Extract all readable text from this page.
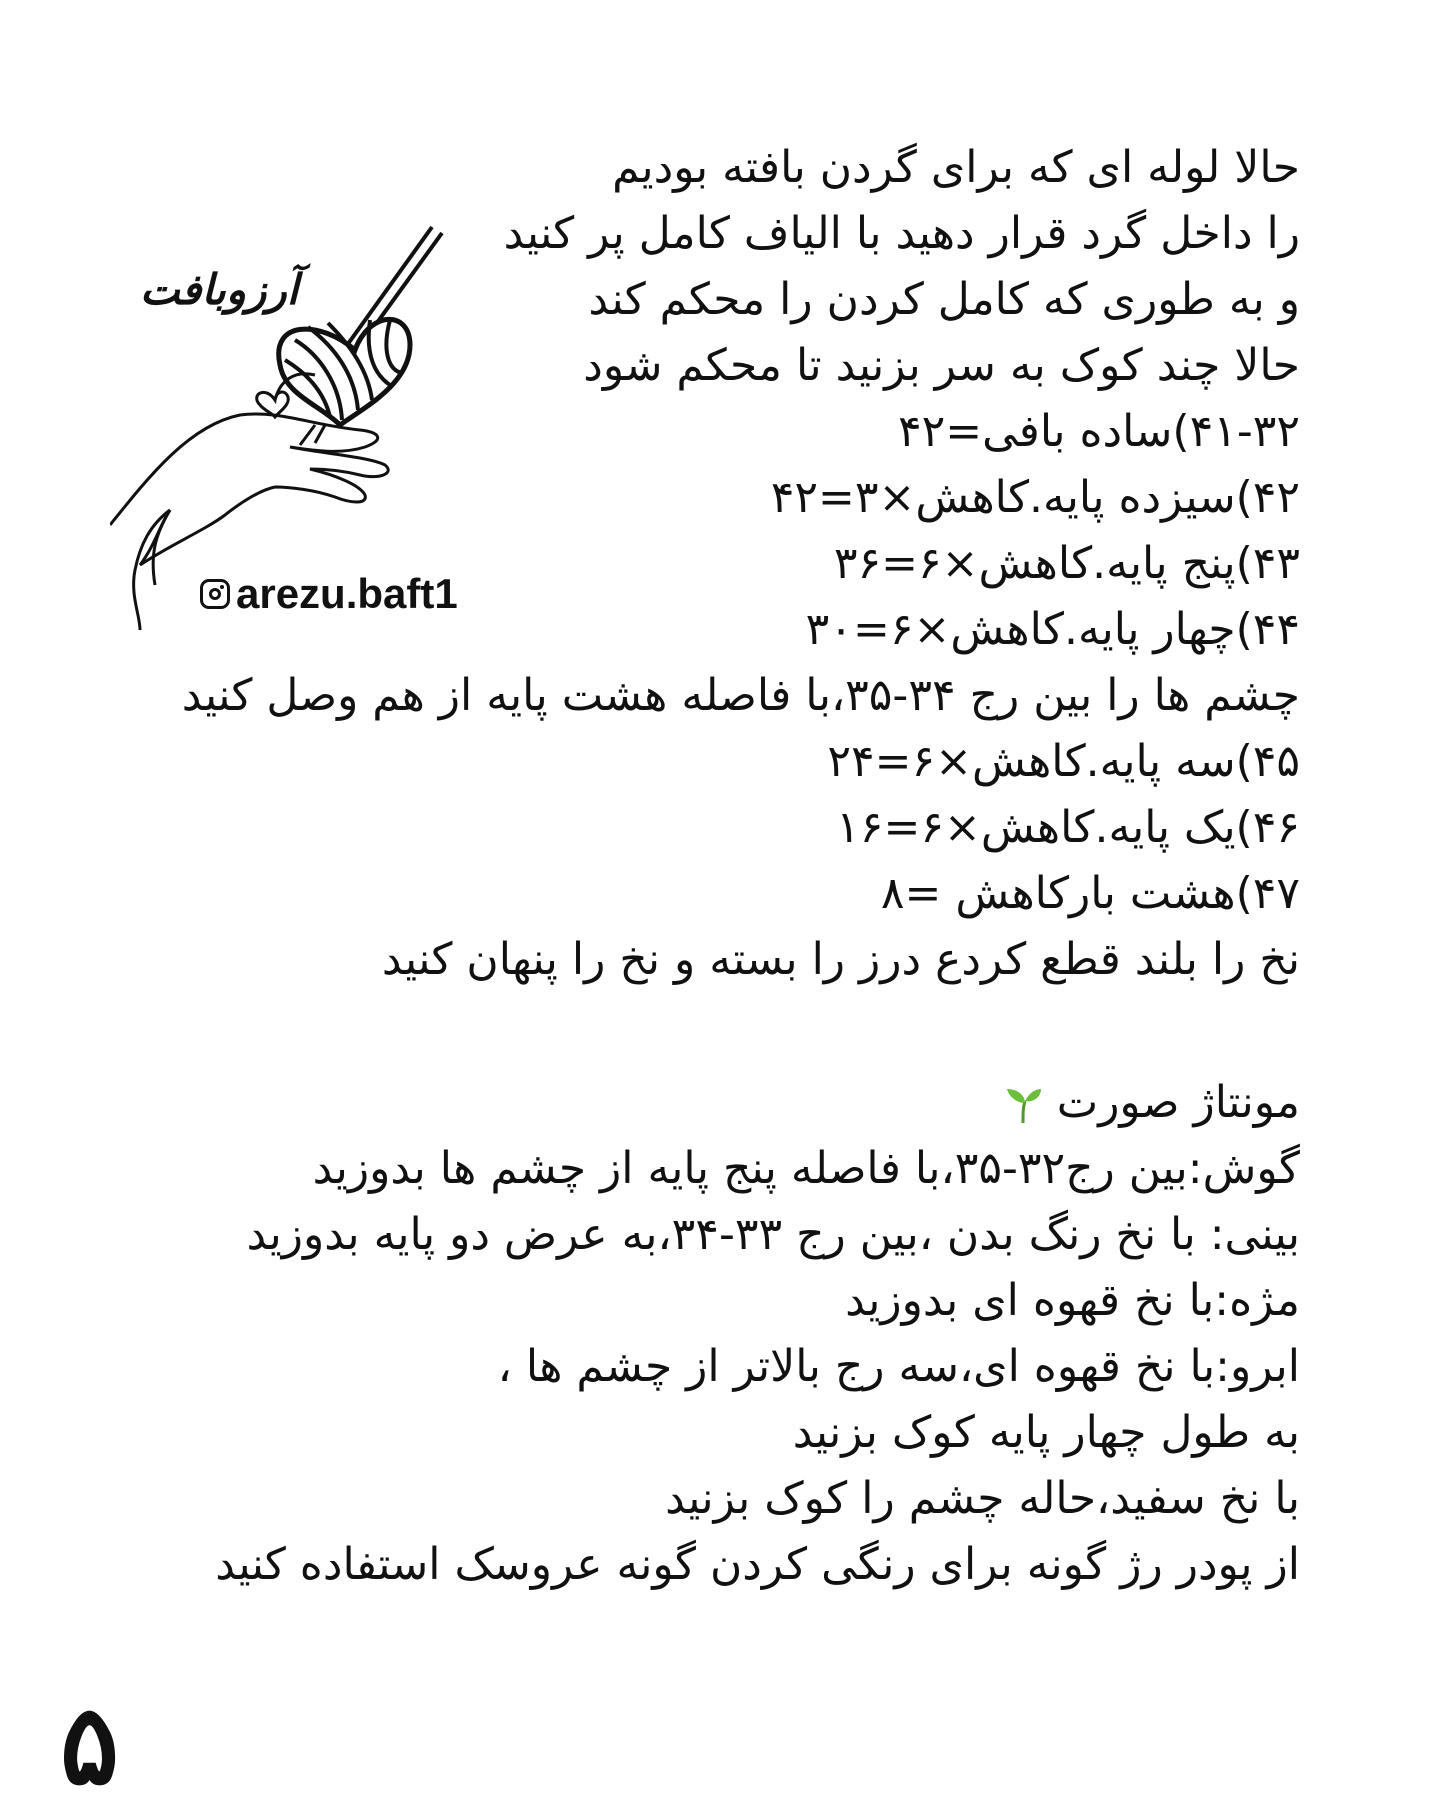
آرزوبافت
arezu.baft1
حالا لوله ای که برای گردن بافته بودیم
را داخل گرد قرار دهید با الیاف کامل پر کنید
و به طوری که کامل کردن را محکم کند
حالا چند کوک به سر بزنید تا محکم شود
۴۱-۳۲)ساده بافی=۴۲
۴۲)سیزده پایه.کاهش×۳=۴۲
۴۳)پنج پایه.کاهش×۶=۳۶
۴۴)چهار پایه.کاهش×۶=۳۰
چشم ها را بین رج ۳۴-۳۵،با فاصله هشت پایه از هم وصل کنید
۴۵)سه پایه.کاهش×۶=۲۴
۴۶)یک پایه.کاهش×۶=۱۶
۴۷)هشت بارکاهش =۸
نخ را بلند قطع کردع درز را بسته و نخ را پنهان کنید
مونتاژ صورت
گوش:بین رج۳۲-۳۵،با فاصله پنج پایه از چشم ها بدوزید
بینی: با نخ رنگ بدن ،بین رج ۳۳-۳۴،به عرض دو پایه بدوزید
مژه:با نخ قهوه ای بدوزید
ابرو:با نخ قهوه ای،سه رج بالاتر از چشم ها ،
به طول چهار پایه کوک بزنید
با نخ سفید،حاله چشم را کوک بزنید
از پودر رژ گونه برای رنگی کردن گونه عروسک استفاده کنید
۵
